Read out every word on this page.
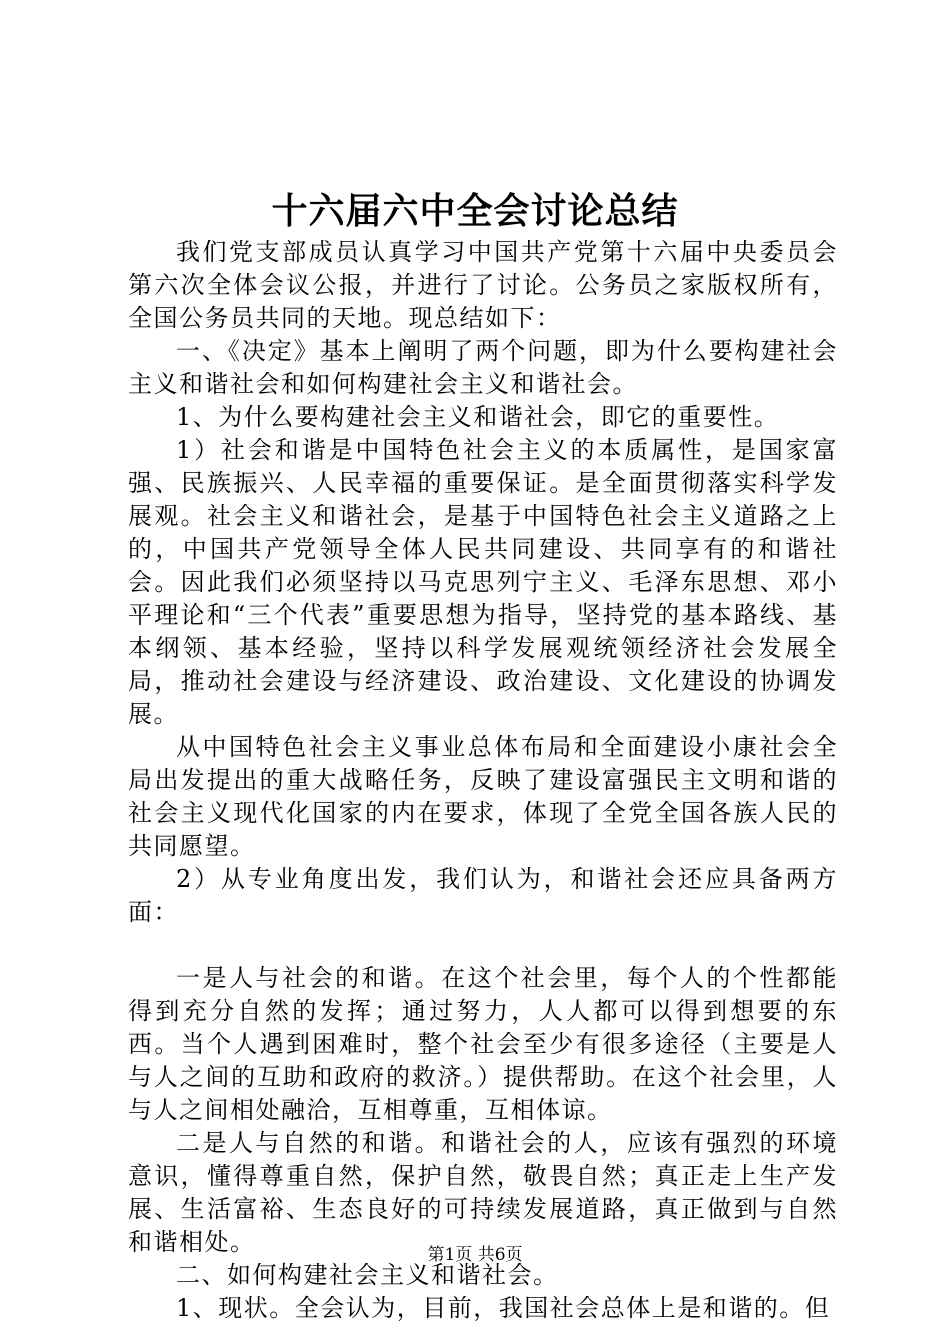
十六届六中全会讨论总结

我们党支部成员认真学习中国共产党第十六届中央委员会第六次全体会议公报，并进行了讨论。公务员之家版权所有，全国公务员共同的天地。现总结如下：

一、《决定》基本上阐明了两个问题，即为什么要构建社会主义和谐社会和如何构建社会主义和谐社会。

1、为什么要构建社会主义和谐社会，即它的重要性。

1）社会和谐是中国特色社会主义的本质属性，是国家富强、民族振兴、人民幸福的重要保证。是全面贯彻落实科学发展观。社会主义和谐社会，是基于中国特色社会主义道路之上的，中国共产党领导全体人民共同建设、共同享有的和谐社会。因此我们必须坚持以马克思列宁主义、毛泽东思想、邓小平理论和“三个代表”重要思想为指导，坚持党的基本路线、基本纲领、基本经验，坚持以科学发展观统领经济社会发展全局，推动社会建设与经济建设、政治建设、文化建设的协调发展。

从中国特色社会主义事业总体布局和全面建设小康社会全局出发提出的重大战略任务，反映了建设富强民主文明和谐的社会主义现代化国家的内在要求，体现了全党全国各族人民的共同愿望。

2）从专业角度出发，我们认为，和谐社会还应具备两方面：

一是人与社会的和谐。在这个社会里，每个人的个性都能得到充分自然的发挥；通过努力，人人都可以得到想要的东西。当个人遇到困难时，整个社会至少有很多途径（主要是人与人之间的互助和政府的救济。）提供帮助。在这个社会里，人与人之间相处融洽，互相尊重，互相体谅。

二是人与自然的和谐。和谐社会的人，应该有强烈的环境意识，懂得尊重自然，保护自然，敬畏自然；真正走上生产发展、生活富裕、生态良好的可持续发展道路，真正做到与自然和谐相处。

二、如何构建社会主义和谐社会。

1、现状。全会认为，目前，我国社会总体上是和谐的。但

第1页 共6页
